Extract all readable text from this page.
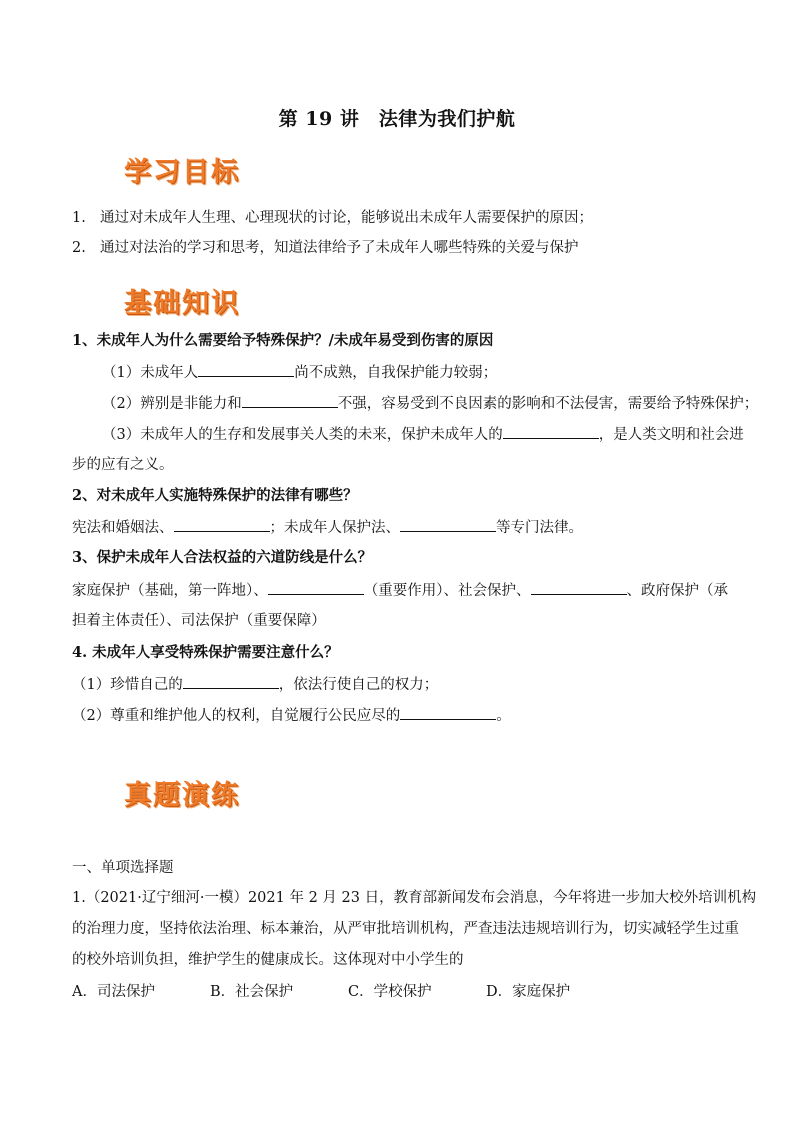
第 19 讲　法律为我们护航
学习目标
1. 通过对未成年人生理、心理现状的讨论，能够说出未成年人需要保护的原因；
2. 通过对法治的学习和思考，知道法律给予了未成年人哪些特殊的关爱与保护
基础知识
1、未成年人为什么需要给予特殊保护？/未成年易受到伤害的原因
（1）未成年人	尚不成熟，自我保护能力较弱；
（2）辨别是非能力和	不强，容易受到不良因素的影响和不法侵害，需要给予特殊保护；
（3）未成年人的生存和发展事关人类的未来，保护未成年人的	，是人类文明和社会进
步的应有之义。
2、对未成年人实施特殊保护的法律有哪些？
宪法和婚姻法、	；未成年人保护法、	等专门法律。
3、保护未成年人合法权益的六道防线是什么？
家庭保护（基础，第一阵地）、	（重要作用）、社会保护、	、政府保护（承
担着主体责任）、司法保护（重要保障）
4. 未成年人享受特殊保护需要注意什么？
（1）珍惜自己的	，依法行使自己的权力；
（2）尊重和维护他人的权利，自觉履行公民应尽的	。
真题演练
一、单项选择题
1.（2021·辽宁细河·一模）2021 年 2 月 23 日，教育部新闻发布会消息，今年将进一步加大校外培训机构
的治理力度，坚持依法治理、标本兼治，从严审批培训机构，严查违法违规培训行为，切实减轻学生过重
的校外培训负担，维护学生的健康成长。这体现对中小学生的
A．司法保护	B．社会保护	C．学校保护	D．家庭保护
